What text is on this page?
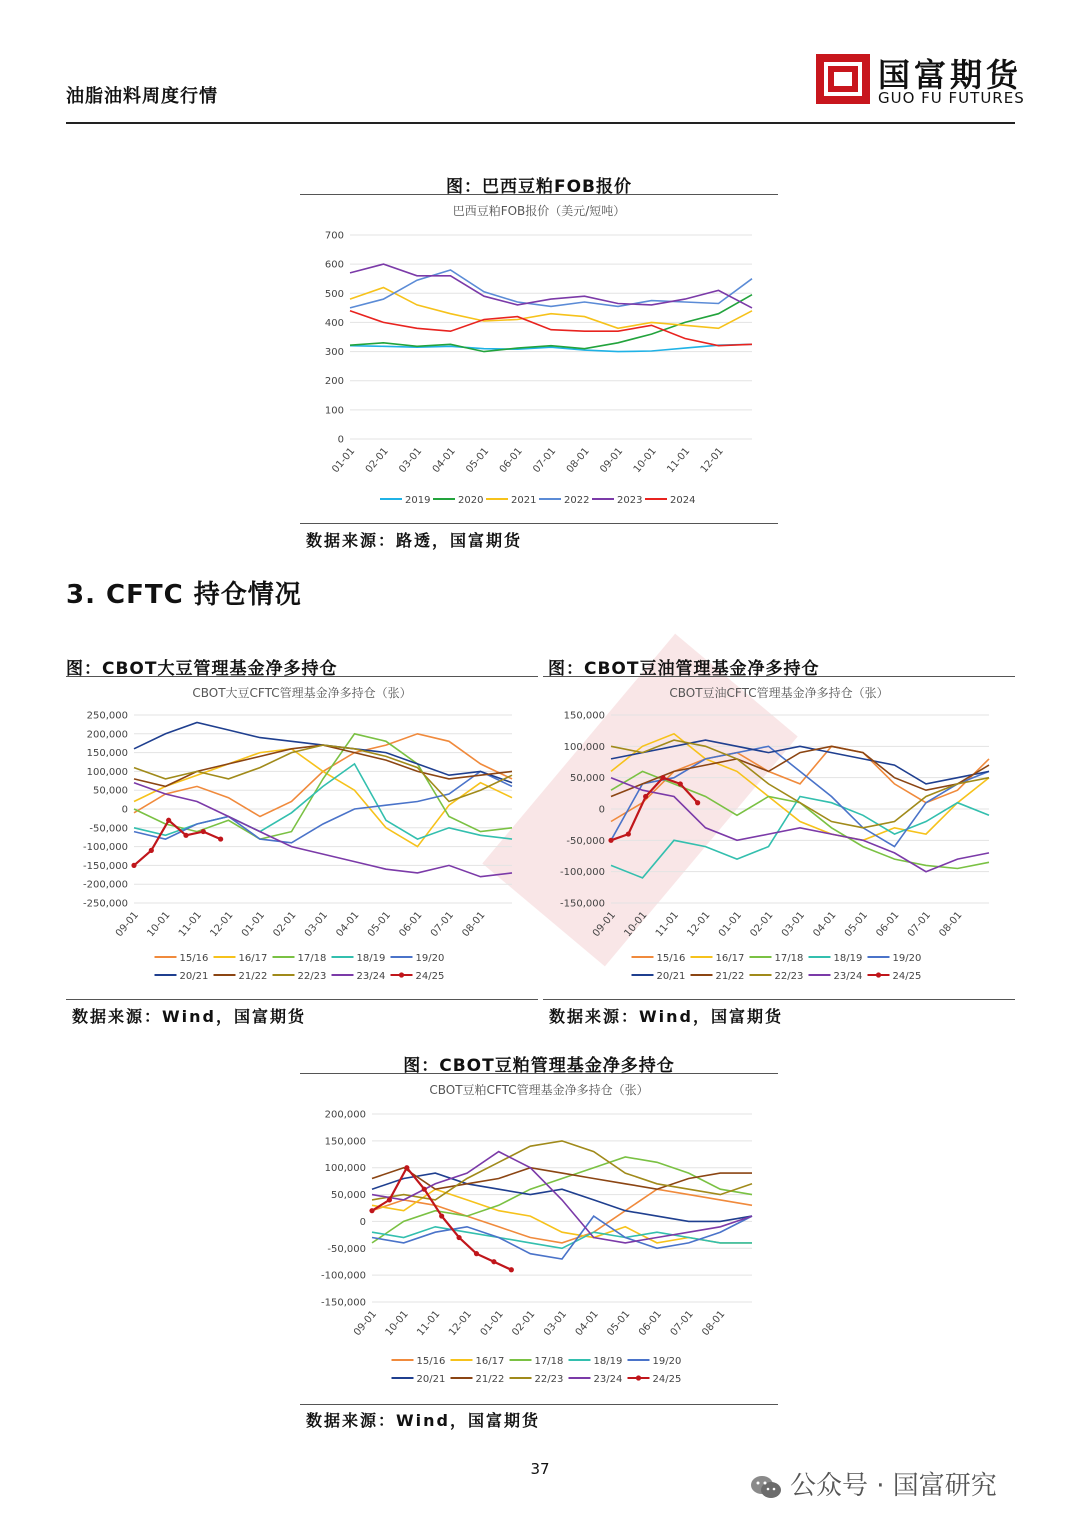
油脂油料周度行情
国富期货
GUO FU FUTURES
图：巴西豆粕FOB报价
巴西豆粕FOB报价（美元/短吨）
700
600
500
400
300
200
100
0
01-01 02-01 03-01 04-01 05-01 06-01 07-01 08-01 09-01 10-01 11-01 12-01
2019	2020	2021	2022	2023	2024
数据来源：路透，国富期货
3. CFTC 持仓情况
图：CBOT大豆管理基金净多持仓
CBOT大豆CFTC管理基金净多持仓（张）
250,000
200,000
150,000
100,000
50,000
0
-50,000
-100,000
-150,000
-200,000
-250,000
09-01 10-01 11-01 12-01 01-01 02-01 03-01 04-01 05-01 06-01 07-01 08-01
15/16	16/17	17/18	18/19	19/20
20/21	21/22	22/23	23/24	24/25
数据来源：Wind，国富期货
图：CBOT豆油管理基金净多持仓
CBOT豆油CFTC管理基金净多持仓（张）
150,000
100,000
50,000
0
-50,000
-100,000
-150,000
09-01 10-01 11-01 12-01 01-01 02-01 03-01 04-01 05-01 06-01 07-01 08-01
15/16	16/17	17/18	18/19	19/20
20/21	21/22	22/23	23/24	24/25
数据来源：Wind，国富期货
图：CBOT豆粕管理基金净多持仓
CBOT豆粕CFTC管理基金净多持仓（张）
200,000
150,000
100,000
50,000
0
-50,000
-100,000
-150,000
09-01 10-01 11-01 12-01 01-01 02-01 03-01 04-01 05-01 06-01 07-01 08-01
15/16	16/17	17/18	18/19	19/20
20/21	21/22	22/23	23/24	24/25
数据来源：Wind，国富期货
37
公众号 · 国富研究
